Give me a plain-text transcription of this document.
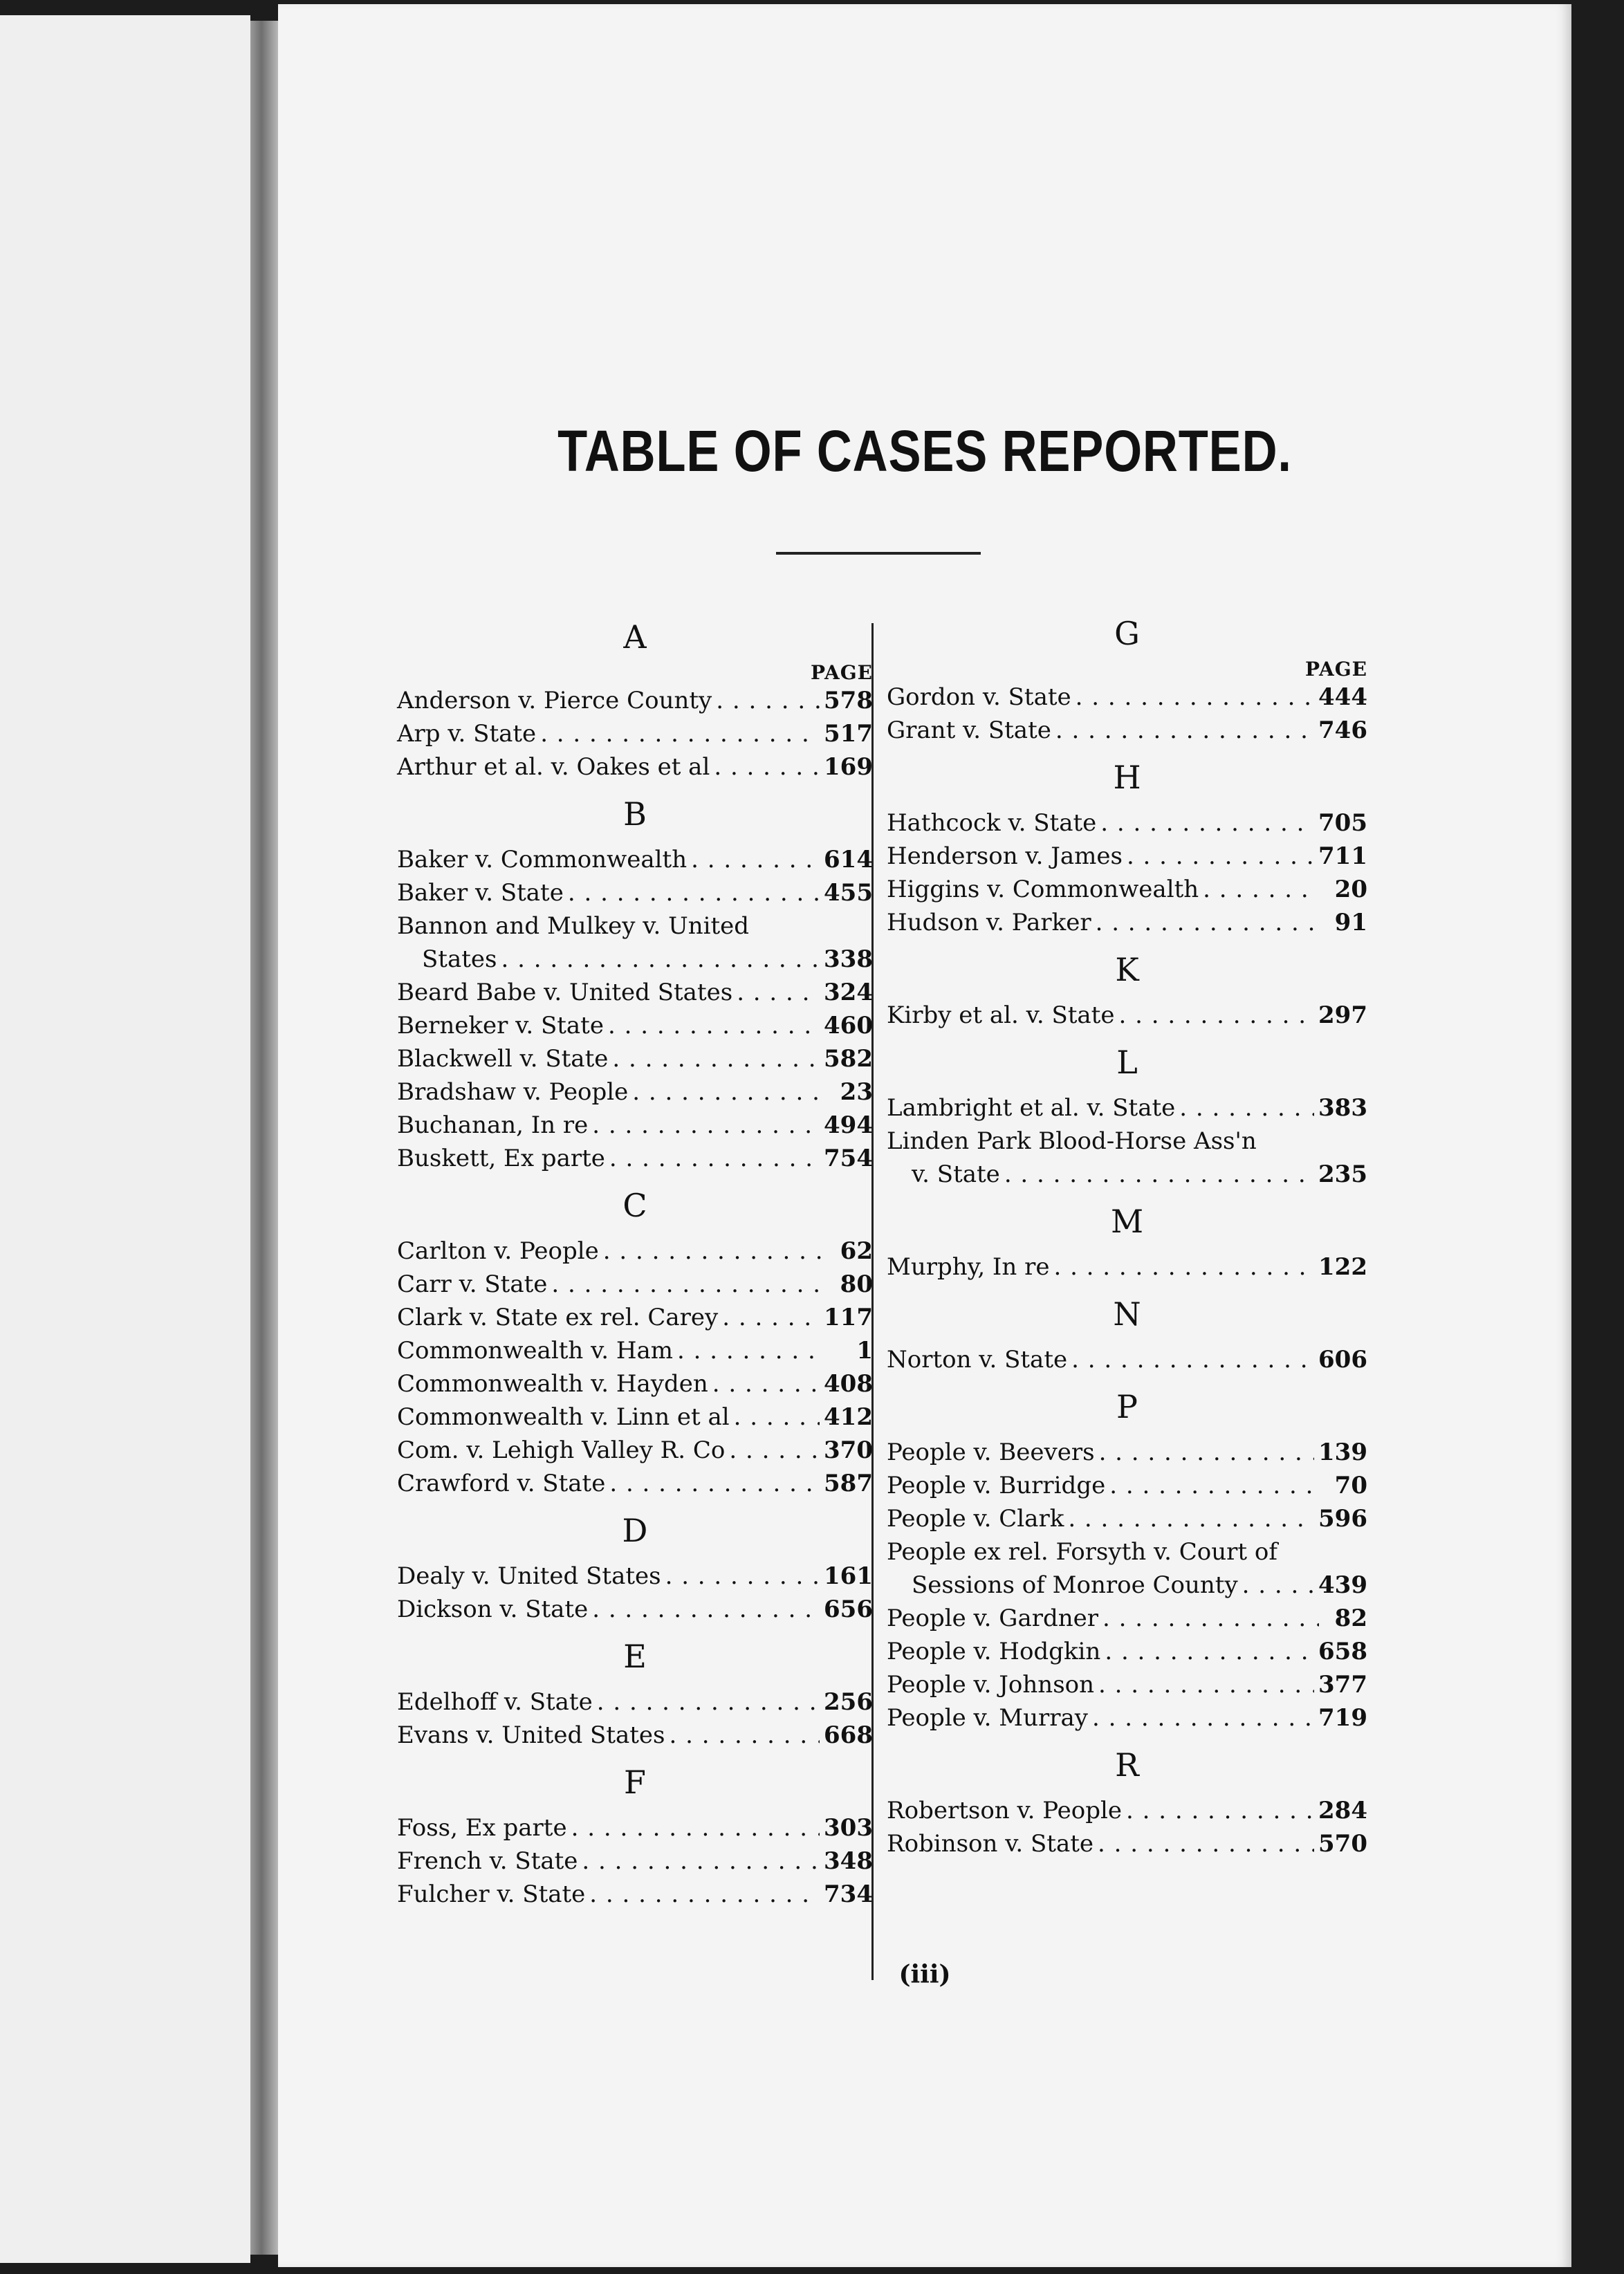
TABLE OF CASES REPORTED.
A
PAGE
Anderson v. Pierce County . . .	578
Arp v. State . . .	517
Arthur et al. v. Oakes et al . . .	169
B
Baker v. Commonwealth . . .	614
Baker v. State . . .	455
Bannon and Mulkey v. United
States . . .	338
Beard Babe v. United States . . .	324
Berneker v. State . . .	460
Blackwell v. State . . .	582
Bradshaw v. People . . .	23
Buchanan, In re . . .	494
Buskett, Ex parte . . .	754
C
Carlton v. People . . .	62
Carr v. State . . .	80
Clark v. State ex rel. Carey . . .	117
Commonwealth v. Ham . . .	1
Commonwealth v. Hayden . . .	408
Commonwealth v. Linn et al . . .	412
Com. v. Lehigh Valley R. Co . . .	370
Crawford v. State . . .	587
D
Dealy v. United States . . .	161
Dickson v. State . . .	656
E
Edelhoff v. State . . .	256
Evans v. United States . . .	668
F
Foss, Ex parte . . .	303
French v. State . . .	348
Fulcher v. State . . .	734
G
PAGE
Gordon v. State . . .	444
Grant v. State . . .	746
H
Hathcock v. State . . .	705
Henderson v. James . . .	711
Higgins v. Commonwealth . . .	20
Hudson v. Parker . . .	91
K
Kirby et al. v. State . . .	297
L
Lambright et al. v. State . . .	383
Linden Park Blood-Horse Ass'n
v. State . . .	235
M
Murphy, In re . . .	122
N
Norton v. State . . .	606
P
People v. Beevers . . .	139
People v. Burridge . . .	70
People v. Clark . . .	596
People ex rel. Forsyth v. Court of
Sessions of Monroe County . . .	439
People v. Gardner . . .	82
People v. Hodgkin . . .	658
People v. Johnson . . .	377
People v. Murray . . .	719
R
Robertson v. People . . .	284
Robinson v. State . . .	570
(iii)
